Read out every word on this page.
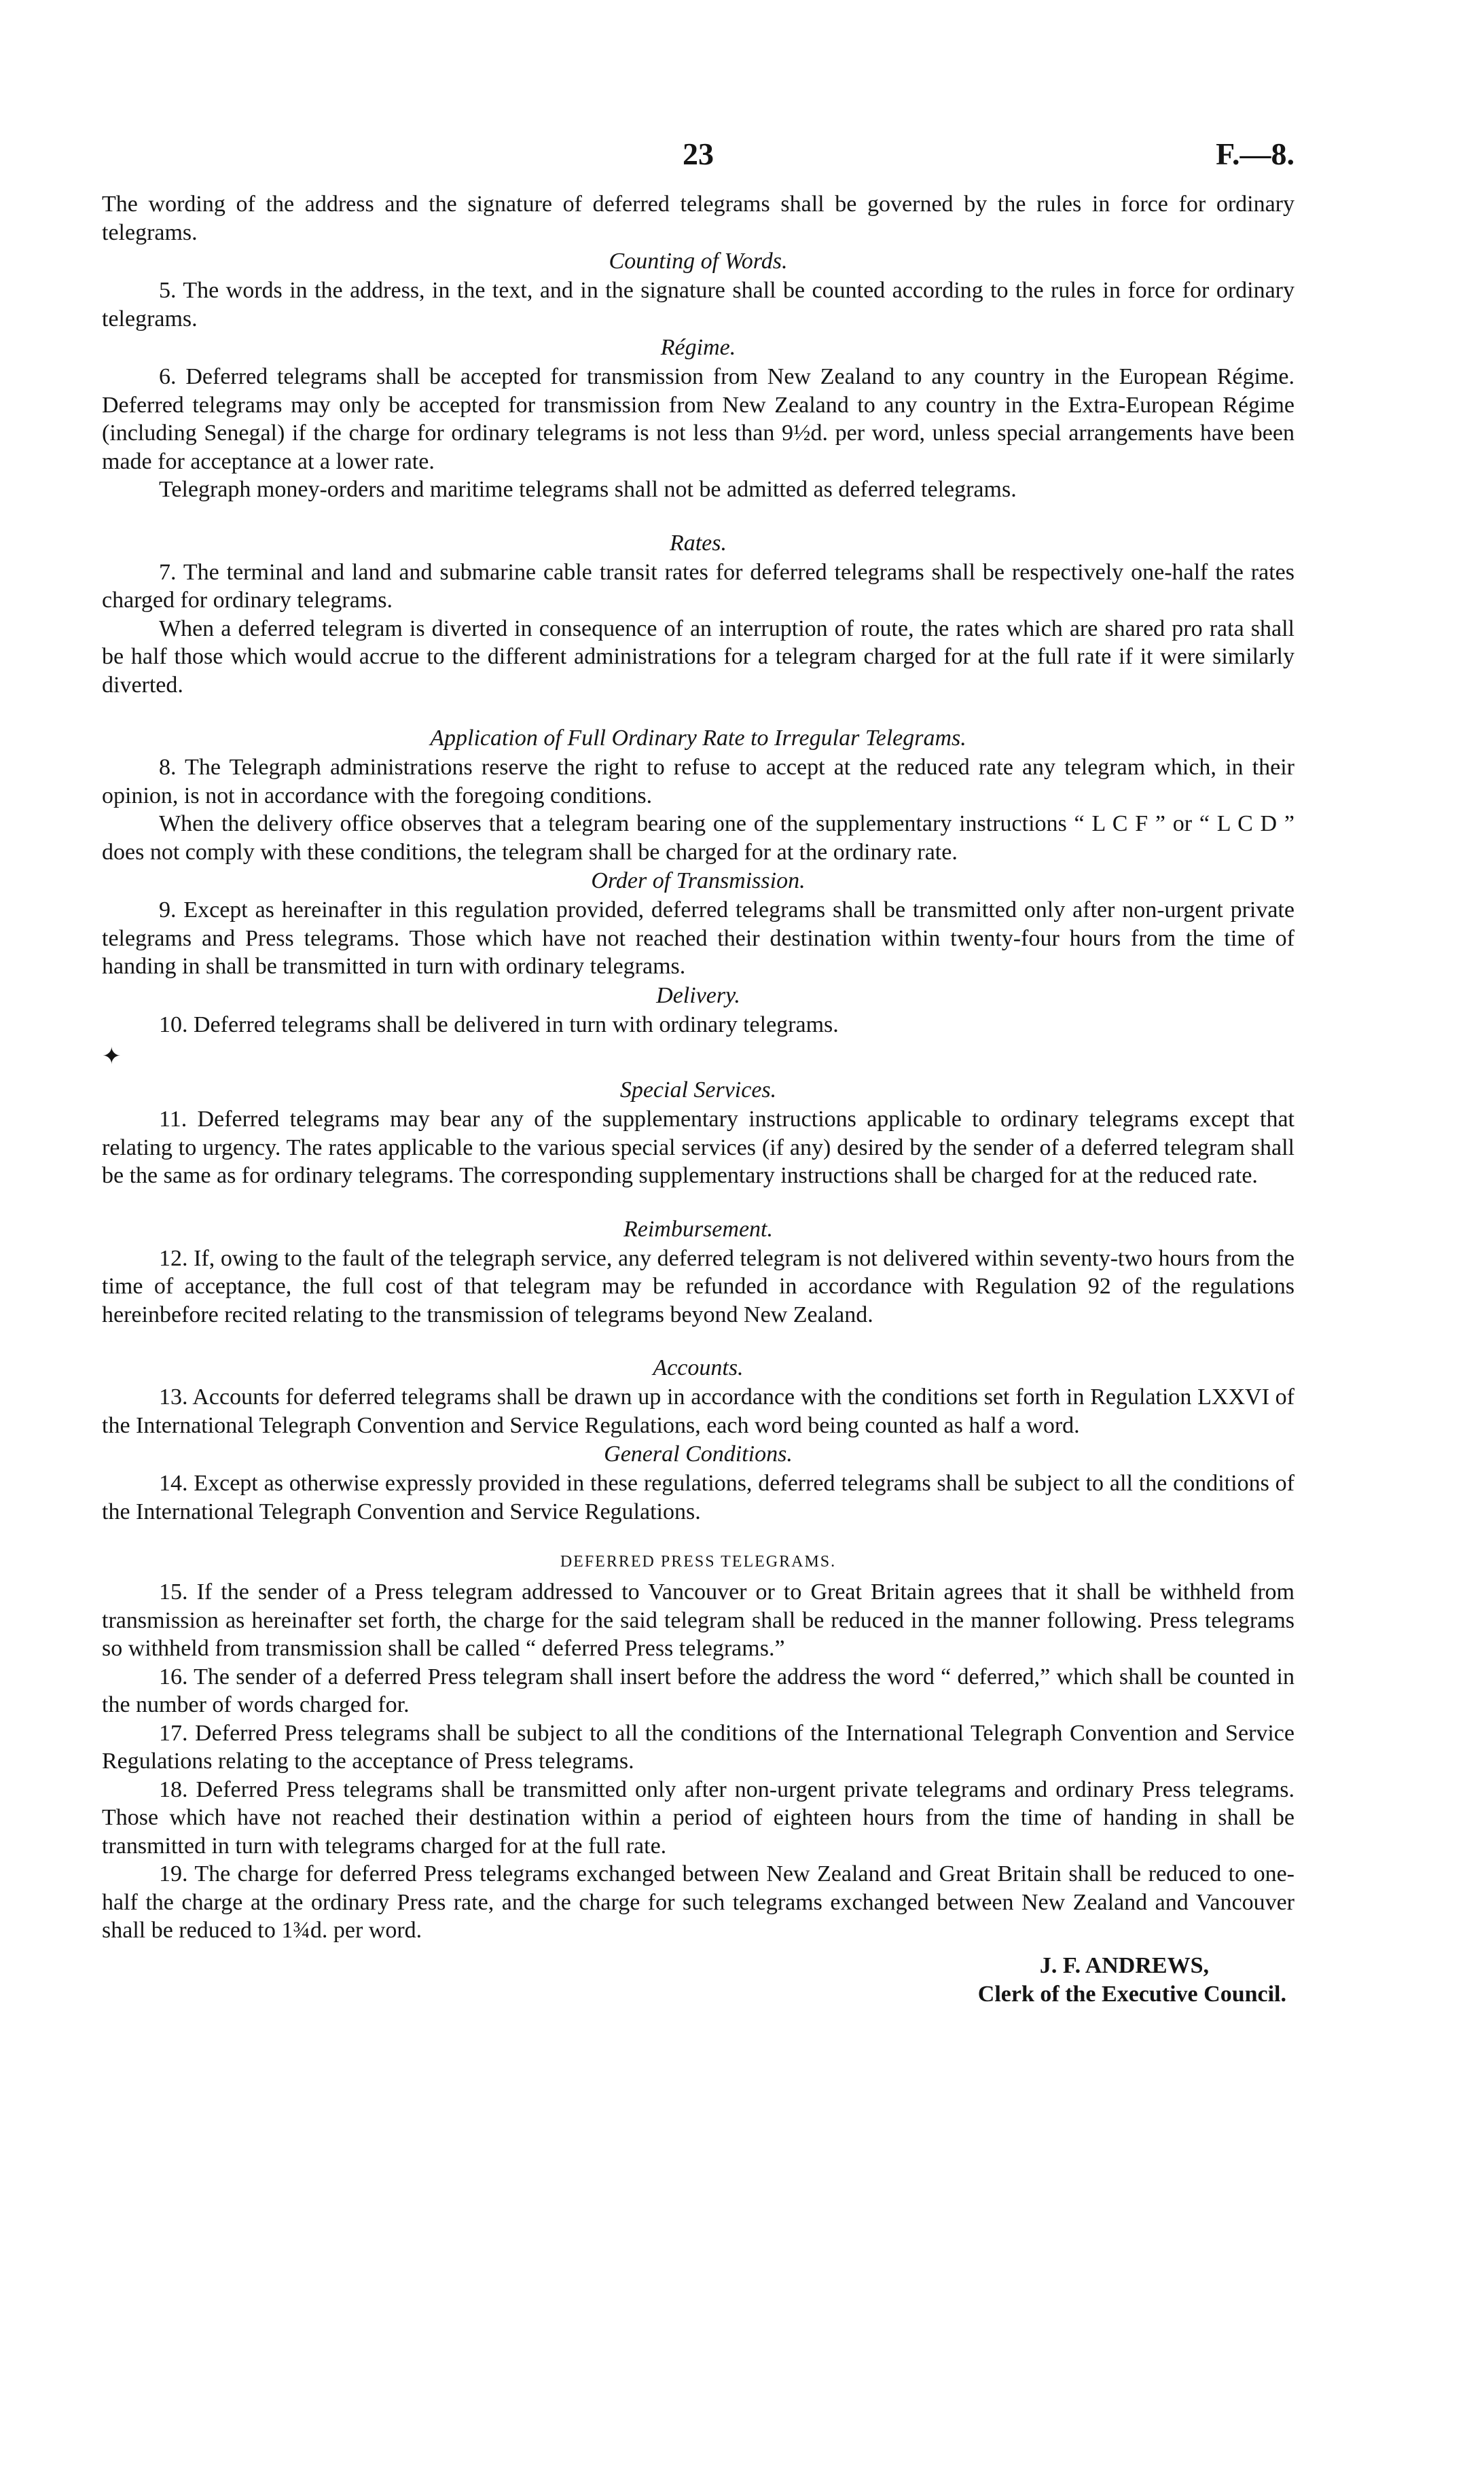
23	F.—8.

The wording of the address and the signature of deferred telegrams shall be governed by the rules in force for ordinary telegrams.

Counting of Words.

5. The words in the address, in the text, and in the signature shall be counted according to the rules in force for ordinary telegrams.

Régime.

6. Deferred telegrams shall be accepted for transmission from New Zealand to any country in the European Régime. Deferred telegrams may only be accepted for transmission from New Zealand to any country in the Extra-European Régime (including Senegal) if the charge for ordinary telegrams is not less than 9½d. per word, unless special arrangements have been made for acceptance at a lower rate.

Telegraph money-orders and maritime telegrams shall not be admitted as deferred telegrams.

Rates.

7. The terminal and land and submarine cable transit rates for deferred telegrams shall be respectively one-half the rates charged for ordinary telegrams.

When a deferred telegram is diverted in consequence of an interruption of route, the rates which are shared pro rata shall be half those which would accrue to the different administrations for a telegram charged for at the full rate if it were similarly diverted.

Application of Full Ordinary Rate to Irregular Telegrams.

8. The Telegraph administrations reserve the right to refuse to accept at the reduced rate any telegram which, in their opinion, is not in accordance with the foregoing conditions.

When the delivery office observes that a telegram bearing one of the supplementary instructions “ L C F ” or “ L C D ” does not comply with these conditions, the telegram shall be charged for at the ordinary rate.

Order of Transmission.

9. Except as hereinafter in this regulation provided, deferred telegrams shall be transmitted only after non-urgent private telegrams and Press telegrams. Those which have not reached their destination within twenty-four hours from the time of handing in shall be transmitted in turn with ordinary telegrams.

Delivery.

10. Deferred telegrams shall be delivered in turn with ordinary telegrams.

✦
Special Services.

11. Deferred telegrams may bear any of the supplementary instructions applicable to ordinary telegrams except that relating to urgency. The rates applicable to the various special services (if any) desired by the sender of a deferred telegram shall be the same as for ordinary telegrams. The corresponding supplementary instructions shall be charged for at the reduced rate.

Reimbursement.

12. If, owing to the fault of the telegraph service, any deferred telegram is not delivered within seventy-two hours from the time of acceptance, the full cost of that telegram may be refunded in accordance with Regulation 92 of the regulations hereinbefore recited relating to the transmission of telegrams beyond New Zealand.

Accounts.

13. Accounts for deferred telegrams shall be drawn up in accordance with the conditions set forth in Regulation LXXVI of the International Telegraph Convention and Service Regulations, each word being counted as half a word.

General Conditions.

14. Except as otherwise expressly provided in these regulations, deferred telegrams shall be subject to all the conditions of the International Telegraph Convention and Service Regulations.

DEFERRED PRESS TELEGRAMS.

15. If the sender of a Press telegram addressed to Vancouver or to Great Britain agrees that it shall be withheld from transmission as hereinafter set forth, the charge for the said telegram shall be reduced in the manner following. Press telegrams so withheld from transmission shall be called “ deferred Press telegrams.”

16. The sender of a deferred Press telegram shall insert before the address the word “ deferred,” which shall be counted in the number of words charged for.

17. Deferred Press telegrams shall be subject to all the conditions of the International Telegraph Convention and Service Regulations relating to the acceptance of Press telegrams.

18. Deferred Press telegrams shall be transmitted only after non-urgent private telegrams and ordinary Press telegrams. Those which have not reached their destination within a period of eighteen hours from the time of handing in shall be transmitted in turn with telegrams charged for at the full rate.

19. The charge for deferred Press telegrams exchanged between New Zealand and Great Britain shall be reduced to one-half the charge at the ordinary Press rate, and the charge for such telegrams exchanged between New Zealand and Vancouver shall be reduced to 1¾d. per word.

J. F. ANDREWS,
Clerk of the Executive Council.
